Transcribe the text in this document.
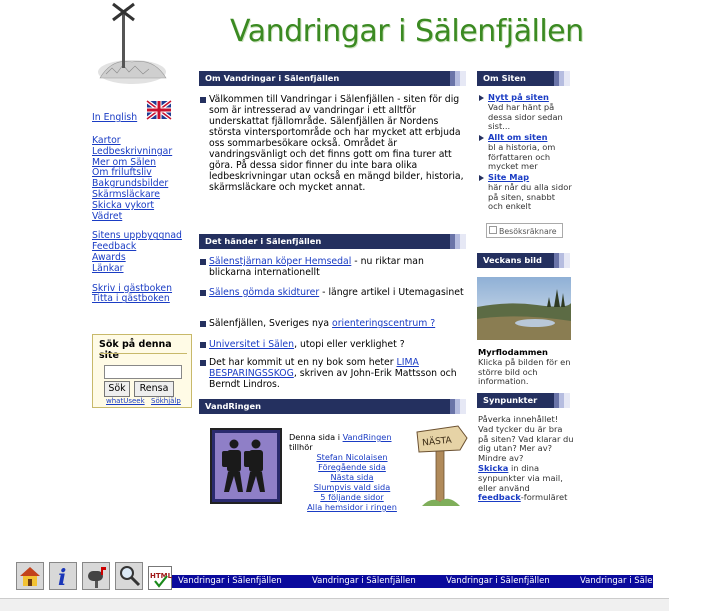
In English
Kartor
Ledbeskrivningar
Mer om Sälen
Om friluftsliv
Bakgrundsbilder
Skärmsläckare
Skicka vykort
Vädret
Sitens uppbyggnad
Feedback
Awards
Länkar
Skriv i gästboken
Titta i gästboken
Sök på denna site
Sök	Rensa
whatUseek Sökhjälp
Vandringar i Sälenfjällen
Om Vandringar i Sälenfjällen
Välkommen till Vandringar i Sälenfjällen - siten för dig som är intresserad av vandringar i ett alltför underskattat fjällområde. Sälenfjällen är Nordens största vintersportområde och har mycket att erbjuda oss sommarbesökare också. Området är vandringsvänligt och det finns gott om fina turer att göra. På dessa sidor finner du inte bara olika ledbeskrivningar utan också en mängd bilder, historia, skärmsläckare och mycket annat.
Det händer i Sälenfjällen
Sälenstjärnan köper Hemsedal - nu riktar man blickarna internationellt
Sälens gömda skidturer - längre artikel i Utemagasinet
Sälenfjällen, Sveriges nya orienteringscentrum ?
Universitet i Sälen, utopi eller verklighet ?
Det har kommit ut en ny bok som heter LIMA BESPARINGSSKOG, skriven av John-Erik Mattsson och Berndt Lindros.
VandRingen
Denna sida i VandRingen tillhör
Stefan Nicolaisen
Föregående sida
Nästa sida
Slumpvis vald sida
5 följande sidor
Alla hemsidor i ringen
NÄSTA
Om Siten
Nytt på siten
Vad har hänt på dessa sidor sedan sist...
Allt om siten
bl a historia, om författaren och mycket mer
Site Map
här når du alla sidor på siten, snabbt och enkelt
Besöksräknare
Veckans bild
Myrflodammen
Klicka på bilden för en större bild och information.
Synpunkter
Påverka innehållet! Vad tycker du är bra på siten? Vad klarar du dig utan? Mer av? Mindre av?
Skicka in dina synpunkter via mail, eller använd feedback-formuläret
i	HTML Vandringar i Sälenfjällen	Vandringar i Sälenfjällen	Vandringar i Sälenfjällen	Vandringar i Sälenfjällen
